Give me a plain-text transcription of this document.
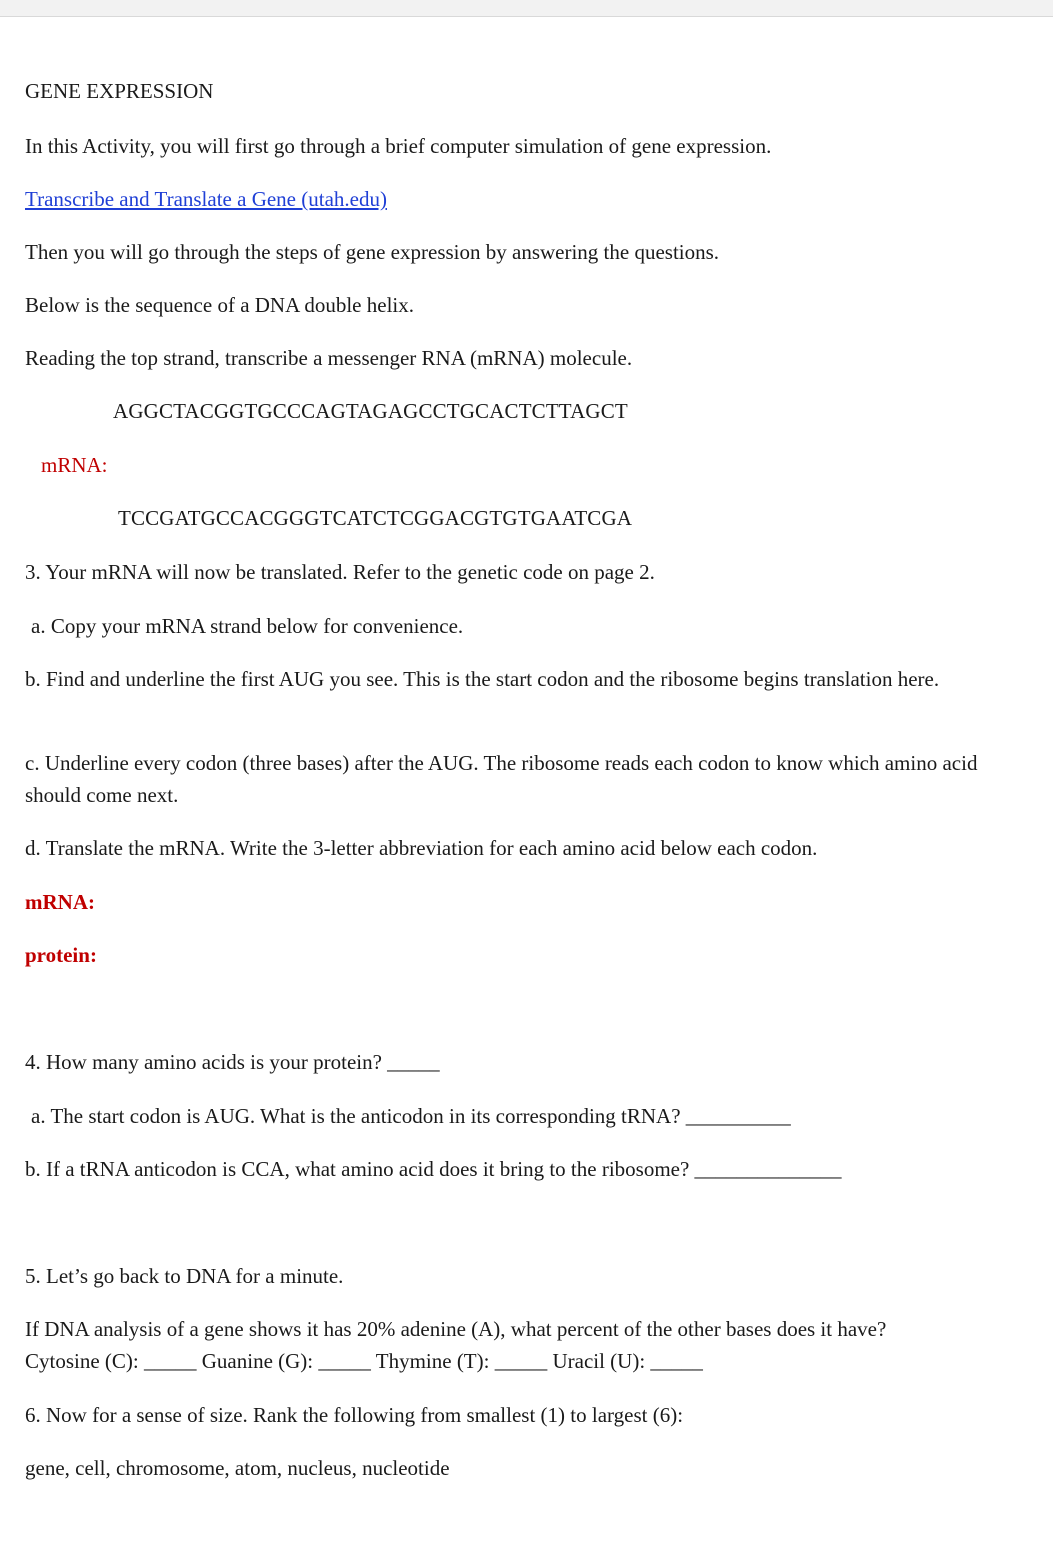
GENE EXPRESSION

In this Activity, you will first go through a brief computer simulation of gene expression.

Transcribe and Translate a Gene (utah.edu)

Then you will go through the steps of gene expression by answering the questions.

Below is the sequence of a DNA double helix.

Reading the top strand, transcribe a messenger RNA (mRNA) molecule.

AGGCTACGGTGCCCAGTAGAGCCTGCACTCTTAGCT

mRNA:

TCCGATGCCACGGGTCATCTCGGACGTGTGAATCGA

3. Your mRNA will now be translated. Refer to the genetic code on page 2.

a. Copy your mRNA strand below for convenience.

b. Find and underline the first AUG you see. This is the start codon and the ribosome begins translation here.

c. Underline every codon (three bases) after the AUG. The ribosome reads each codon to know which amino acid should come next.

d. Translate the mRNA. Write the 3-letter abbreviation for each amino acid below each codon.

mRNA:

protein:

4. How many amino acids is your protein? _____

a. The start codon is AUG. What is the anticodon in its corresponding tRNA? __________

b. If a tRNA anticodon is CCA, what amino acid does it bring to the ribosome? ______________

5. Let’s go back to DNA for a minute.

If DNA analysis of a gene shows it has 20% adenine (A), what percent of the other bases does it have?

Cytosine (C): _____ Guanine (G): _____ Thymine (T): _____ Uracil (U): _____

6. Now for a sense of size. Rank the following from smallest (1) to largest (6):

gene, cell, chromosome, atom, nucleus, nucleotide
